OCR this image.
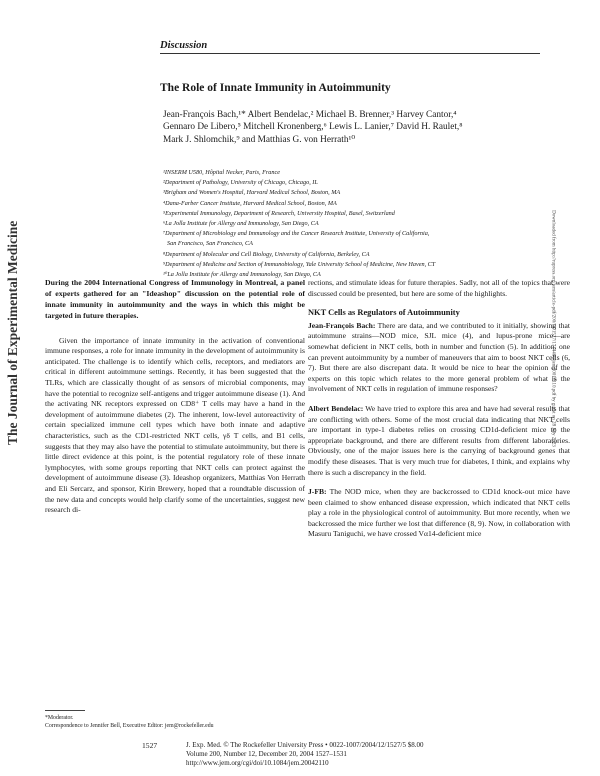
Discussion
The Role of Innate Immunity in Autoimmunity
Jean-François Bach,¹* Albert Bendelac,² Michael B. Brenner,³ Harvey Cantor,⁴
Gennaro De Libero,⁵ Mitchell Kronenberg,⁶ Lewis L. Lanier,⁷ David H. Raulet,⁸
Mark J. Shlomchik,⁹ and Matthias G. von Herrath¹⁰
¹INSERM U580, Hôpital Necker, Paris, France
²Department of Pathology, University of Chicago, Chicago, IL
³Brigham and Women's Hospital, Harvard Medical School, Boston, MA
⁴Dana-Farber Cancer Institute, Harvard Medical School, Boston, MA
⁵Experimental Immunology, Department of Research, University Hospital, Basel, Switzerland
⁶La Jolla Institute for Allergy and Immunology, San Diego, CA
⁷Department of Microbiology and Immunology and the Cancer Research Institute, University of California,
San Francisco, San Francisco, CA
⁸Department of Molecular and Cell Biology, University of California, Berkeley, CA
⁹Department of Medicine and Section of Immunobiology, Yale University School of Medicine, New Haven, CT
¹⁰La Jolla Institute for Allergy and Immunology, San Diego, CA
The Journal of Experimental Medicine	Downloaded from http://rupress.org/jem/article-pdf/200/12/1527/1714466/jem20012110.pdf by guest on 28 July 2023

During the 2004 International Congress of Immunology in Montreal, a panel of experts gathered for an "Ideashop" discussion on the potential role of innate immunity in autoimmunity and the ways in which this might be targeted in future therapies.

Given the importance of innate immunity in the activation of conventional immune responses, a role for innate immunity in the development of autoimmunity is anticipated. The challenge is to identify which cells, receptors, and mediators are critical in different autoimmune settings. Recently, it has been suggested that the TLRs, which are classically thought of as sensors of microbial components, may have the potential to recognize self-antigens and trigger autoimmune disease (1). And the activating NK receptors expressed on CD8⁺ T cells may have a hand in the development of autoimmune diabetes (2). The inherent, low-level autoreactivity of certain specialized immune cell types which have both innate and adaptive characteristics, such as the CD1-restricted NKT cells, γδ T cells, and B1 cells, suggests that they may also have the potential to stimulate autoimmunity, but there is little direct evidence at this point, is the potential regulatory role of these innate lymphocytes, with some groups reporting that NKT cells can protect against the development of autoimmune disease (3). Ideashop organizers, Matthias Von Herrath and Eli Sercarz, and sponsor, Kirin Brewery, hoped that a roundtable discussion of the new data and concepts would help clarify some of the uncertainties, suggest new research di-

rections, and stimulate ideas for future therapies. Sadly, not all of the topics that were discussed could be presented, but here are some of the highlights.

NKT Cells as Regulators of Autoimmunity

Jean-François Bach: There are data, and we contributed to it initially, showing that autoimmune strains—NOD mice, SJL mice (4), and lupus-prone mice—are somewhat deficient in NKT cells, both in number and function (5). In addition, one can prevent autoimmunity by a number of maneuvers that aim to boost NKT cells (6, 7). But there are also discrepant data. It would be nice to hear the opinion of the experts on this topic which relates to the more general problem of what is the involvement of NKT cells in regulation of immune responses?

Albert Bendelac: We have tried to explore this area and have had several results that are conflicting with others. Some of the most crucial data indicating that NKT cells are important in type-1 diabetes relies on crossing CD1d-deficient mice to the appropriate background, and there are different results from different laboratories. Obviously, one of the major issues here is the carrying of background genes that modify these diseases. That is very much true for diabetes, I think, and explains why there is such a discrepancy in the field.

J-FB: The NOD mice, when they are backcrossed to CD1d knock-out mice have been claimed to show enhanced disease expression, which indicated that NKT cells play a role in the physiological control of autoimmunity. But more recently, when we backcrossed the mice further we lost that difference (8, 9). Now, in collaboration with Masuru Taniguchi, we have crossed Vα14-deficient mice

*Moderator.
Correspondence to Jennifer Bell, Executive Editor: jem@rockefeller.edu
1527	J. Exp. Med. © The Rockefeller University Press • 0022-1007/2004/12/1527/5 $8.00
Volume 200, Number 12, December 20, 2004 1527–1531
http://www.jem.org/cgi/doi/10.1084/jem.20042110
